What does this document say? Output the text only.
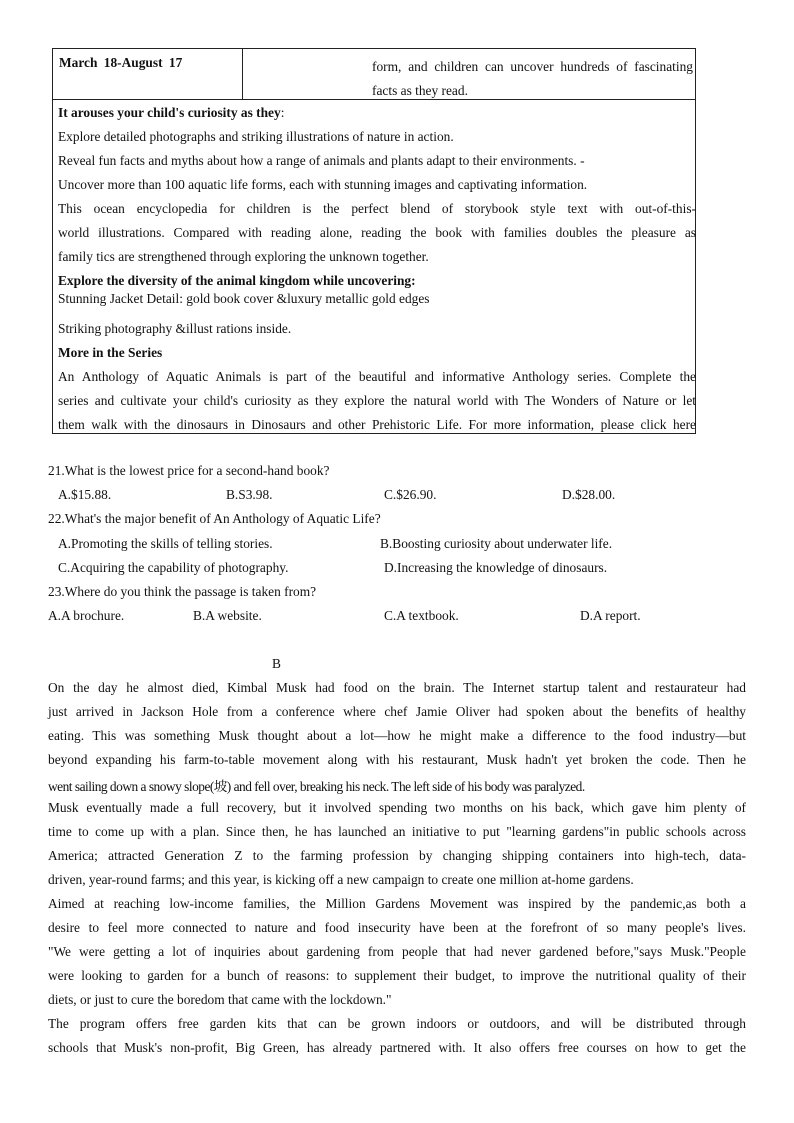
March 18-August 17	form, and children can uncover hundreds of fascinating
facts as they read.
It arouses your child's curiosity as they:
Explore detailed photographs and striking illustrations of nature in action.
Reveal fun facts and myths about how a range of animals and plants adapt to their environments. -
Uncover more than 100 aquatic life forms, each with stunning images and captivating information.
This ocean encyclopedia for children is the perfect blend of storybook style text with out-of-this-
world illustrations. Compared with reading alone, reading the book with families doubles the pleasure as
family tics are strengthened through exploring the unknown together.
Explore the diversity of the animal kingdom while uncovering:
Stunning Jacket Detail: gold book cover &luxury metallic gold edges
Striking photography &illust rations inside.
More in the Series
An Anthology of Aquatic Animals is part of the beautiful and informative Anthology series. Complete the
series and cultivate your child's curiosity as they explore the natural world with The Wonders of Nature or let
them walk with the dinosaurs in Dinosaurs and other Prehistoric Life. For more information, please click here
21.What is the lowest price for a second-hand book?
A.$15.88.	B.S3.98.	C.$26.90.	D.$28.00.
22.What's the major benefit of An Anthology of Aquatic Life?
A.Promoting the skills of telling stories.	B.Boosting curiosity about underwater life.
C.Acquiring the capability of photography.	D.Increasing the knowledge of dinosaurs.
23.Where do you think the passage is taken from?
A.A brochure.	B.A website.	C.A textbook.	D.A report.
B
On the day he almost died, Kimbal Musk had food on the brain. The Internet startup talent and restaurateur had
just arrived in Jackson Hole from a conference where chef Jamie Oliver had spoken about the benefits of healthy
eating. This was something Musk thought about a lot—how he might make a difference to the food industry—but
beyond expanding his farm-to-table movement along with his restaurant, Musk hadn't yet broken the code. Then he
went sailing down a snowy slope(坡) and fell over, breaking his neck. The left side of his body was paralyzed.
Musk eventually made a full recovery, but it involved spending two months on his back, which gave him plenty of
time to come up with a plan. Since then, he has launched an initiative to put "learning gardens"in public schools across
America; attracted Generation Z to the farming profession by changing shipping containers into high-tech, data-
driven, year-round farms; and this year, is kicking off a new campaign to create one million at-home gardens.
Aimed at reaching low-income families, the Million Gardens Movement was inspired by the pandemic,as both a
desire to feel more connected to nature and food insecurity have been at the forefront of so many people's lives.
"We were getting a lot of inquiries about gardening from people that had never gardened before,"says Musk."People
were looking to garden for a bunch of reasons: to supplement their budget, to improve the nutritional quality of their
diets, or just to cure the boredom that came with the lockdown."
The program offers free garden kits that can be grown indoors or outdoors, and will be distributed through
schools that Musk's non-profit, Big Green, has already partnered with. It also offers free courses on how to get the
